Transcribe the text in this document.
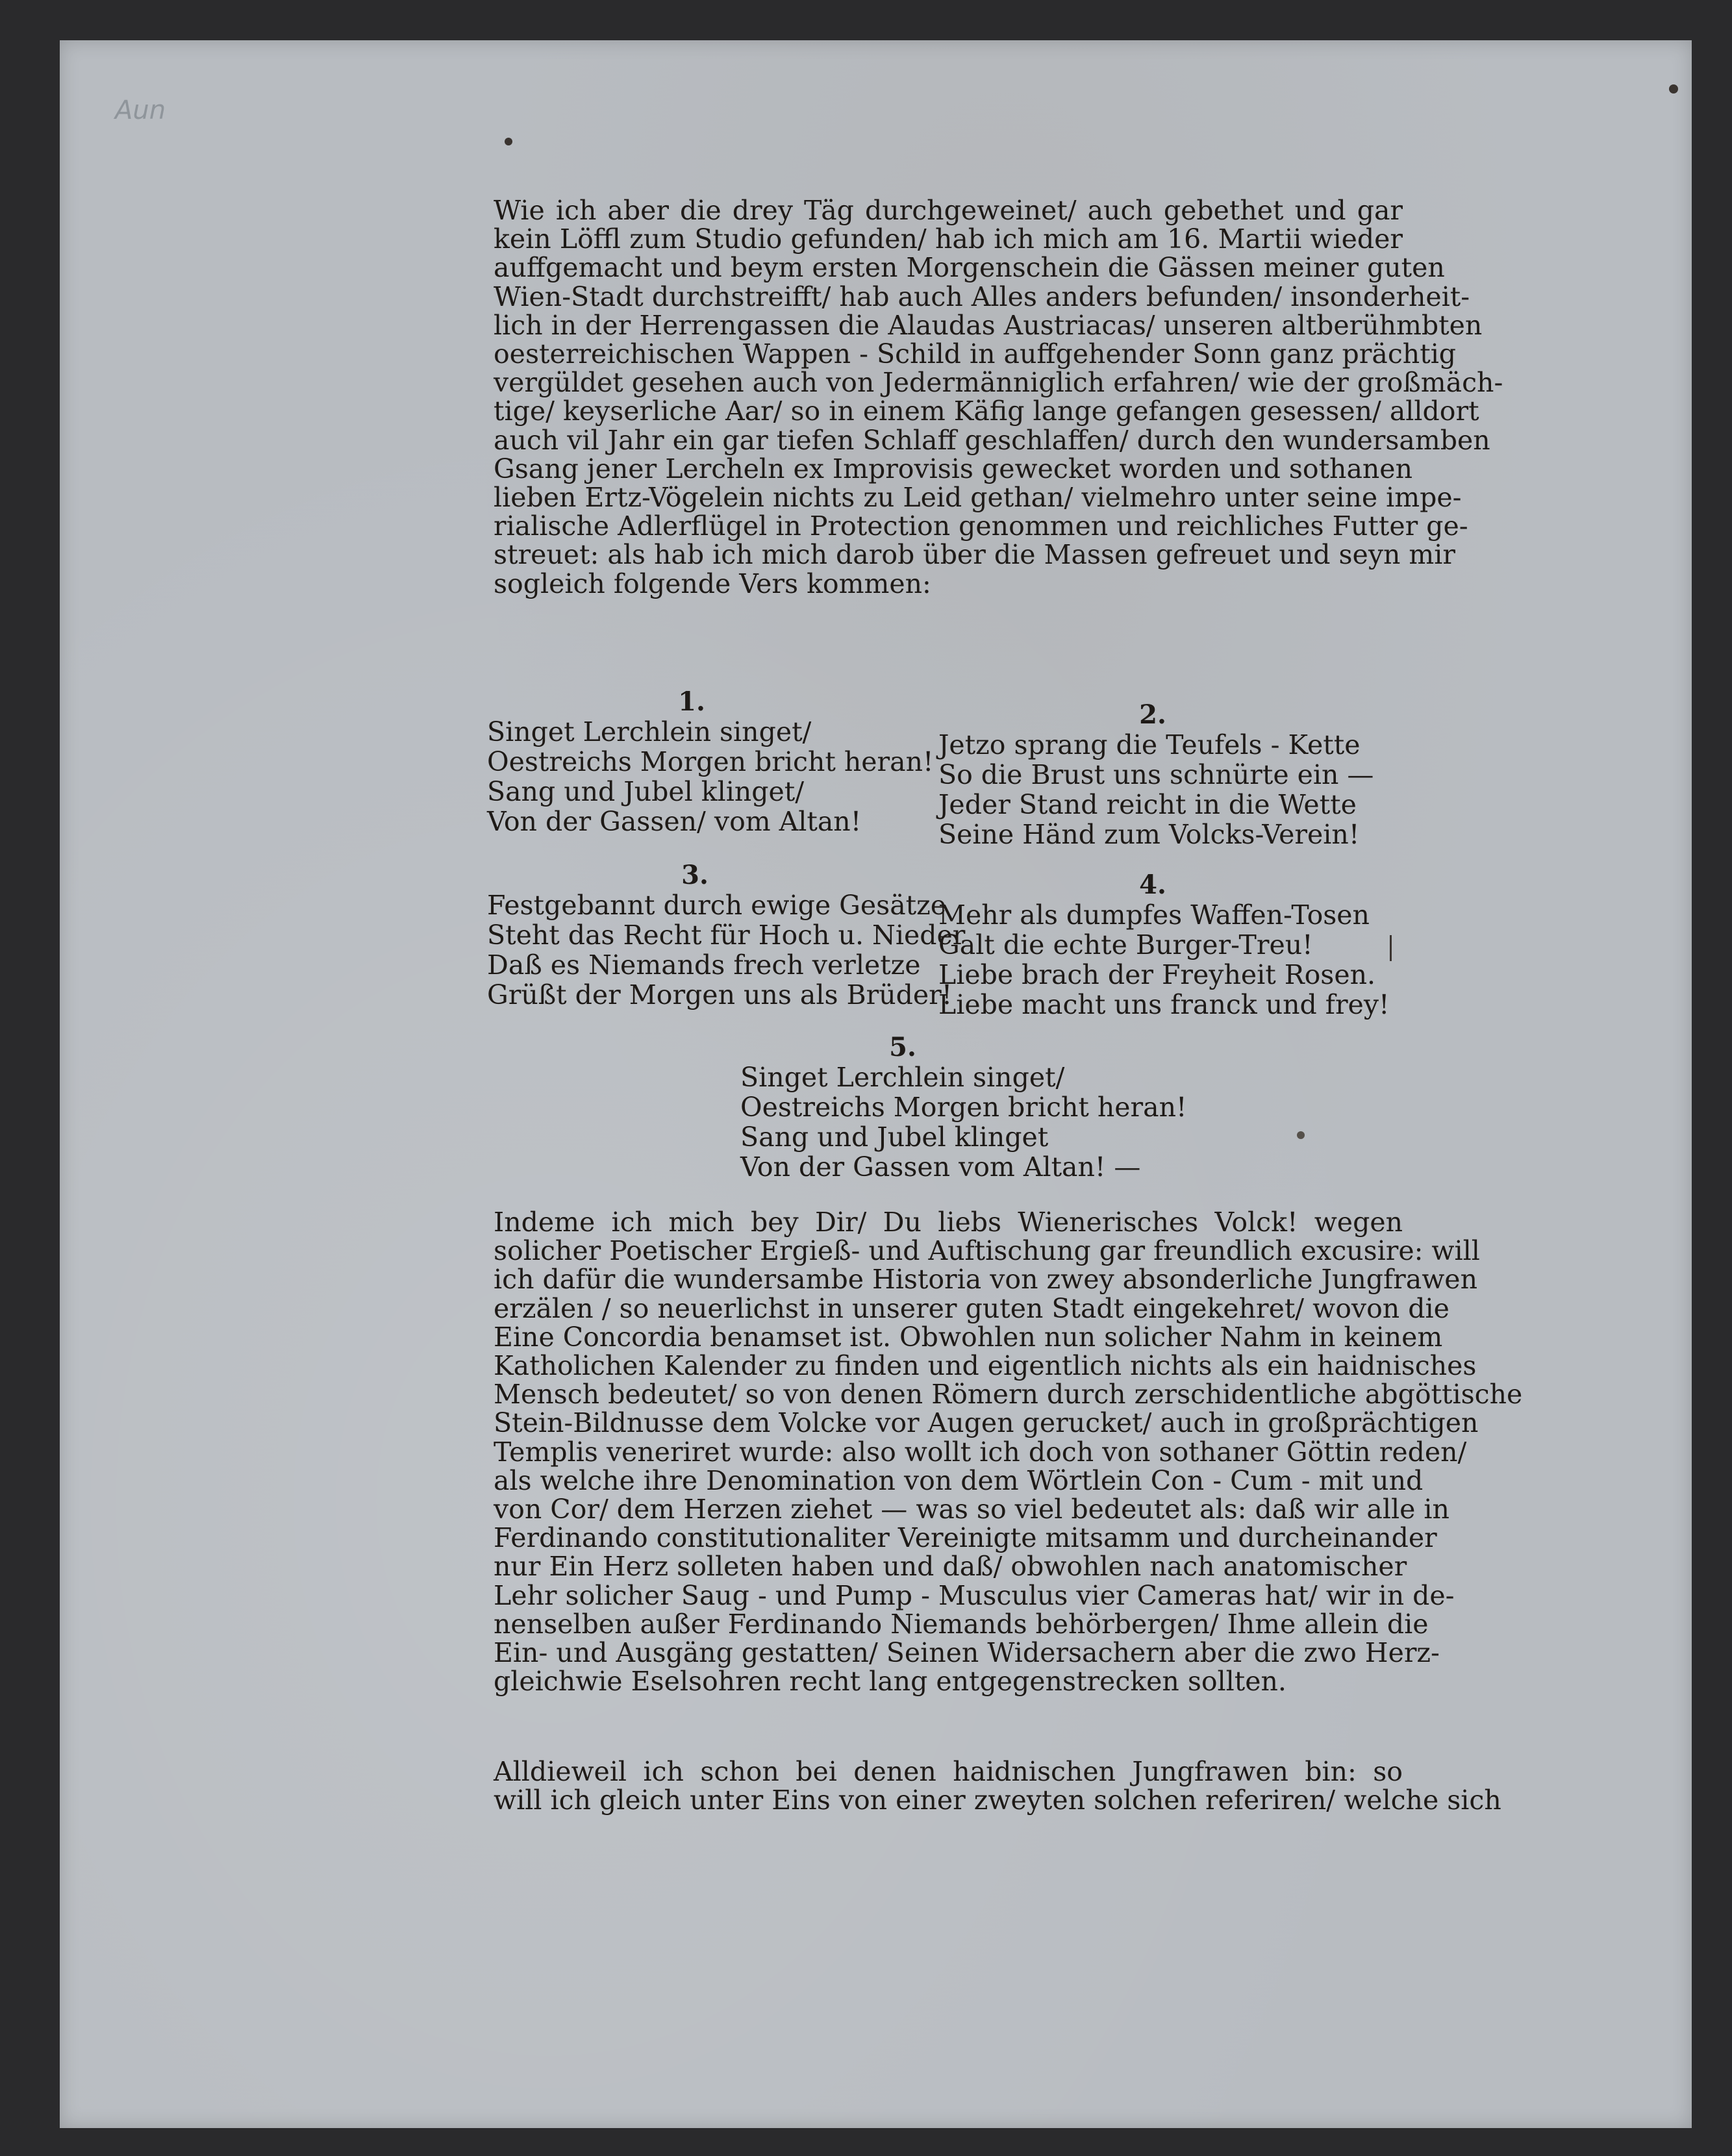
Aun
Wie ich aber die drey Täg durchgeweinet/ auch gebethet und gar
kein Löffl zum Studio gefunden/ hab ich mich am 16. Martii wieder
auffgemacht und beym ersten Morgenschein die Gässen meiner guten
Wien-Stadt durchstreifft/ hab auch Alles anders befunden/ insonderheit-
lich in der Herrengassen die Alaudas Austriacas/ unseren altberühmbten
oesterreichischen Wappen - Schild in auffgehender Sonn ganz prächtig
vergüldet gesehen auch von Jedermänniglich erfahren/ wie der großmäch-
tige/ keyserliche Aar/ so in einem Käfig lange gefangen gesessen/ alldort
auch vil Jahr ein gar tiefen Schlaff geschlaffen/ durch den wundersamben
Gsang jener Lercheln ex Improvisis gewecket worden und sothanen
lieben Ertz-Vögelein nichts zu Leid gethan/ vielmehro unter seine impe-
rialische Adlerflügel in Protection genommen und reichliches Futter ge-
streuet: als hab ich mich darob über die Massen gefreuet und seyn mir
sogleich folgende Vers kommen:
1.
Singet Lerchlein singet/
Oestreichs Morgen bricht heran!
Sang und Jubel klinget/
Von der Gassen/ vom Altan!
2.
Jetzo sprang die Teufels - Kette
So die Brust uns schnürte ein —
Jeder Stand reicht in die Wette
Seine Händ zum Volcks-Verein!
3.
Festgebannt durch ewige Gesätze
Steht das Recht für Hoch u. Nieder
Daß es Niemands frech verletze
Grüßt der Morgen uns als Brüder!
4.
Mehr als dumpfes Waffen-Tosen
Galt die echte Burger-Treu!
Liebe brach der Freyheit Rosen.
Liebe macht uns franck und frey!
5.
Singet Lerchlein singet/
Oestreichs Morgen bricht heran!
Sang und Jubel klinget
Von der Gassen vom Altan! —
Indeme ich mich bey Dir/ Du liebs Wienerisches Volck! wegen
solicher Poetischer Ergieß- und Auftischung gar freundlich excusire: will
ich dafür die wundersambe Historia von zwey absonderliche Jungfrawen
erzälen / so neuerlichst in unserer guten Stadt eingekehret/ wovon die
Eine Concordia benamset ist. Obwohlen nun solicher Nahm in keinem
Katholichen Kalender zu finden und eigentlich nichts als ein haidnisches
Mensch bedeutet/ so von denen Römern durch zerschidentliche abgöttische
Stein-Bildnusse dem Volcke vor Augen gerucket/ auch in großprächtigen
Templis veneriret wurde: also wollt ich doch von sothaner Göttin reden/
als welche ihre Denomination von dem Wörtlein Con - Cum - mit und
von Cor/ dem Herzen ziehet — was so viel bedeutet als: daß wir alle in
Ferdinando constitutionaliter Vereinigte mitsamm und durcheinander
nur Ein Herz solleten haben und daß/ obwohlen nach anatomischer
Lehr solicher Saug - und Pump - Musculus vier Cameras hat/ wir in de-
nenselben außer Ferdinando Niemands behörbergen/ Ihme allein die
Ein- und Ausgäng gestatten/ Seinen Widersachern aber die zwo Herz-
gleichwie Eselsohren recht lang entgegenstrecken sollten.
Alldieweil ich schon bei denen haidnischen Jungfrawen bin: so
will ich gleich unter Eins von einer zweyten solchen referiren/ welche sich
